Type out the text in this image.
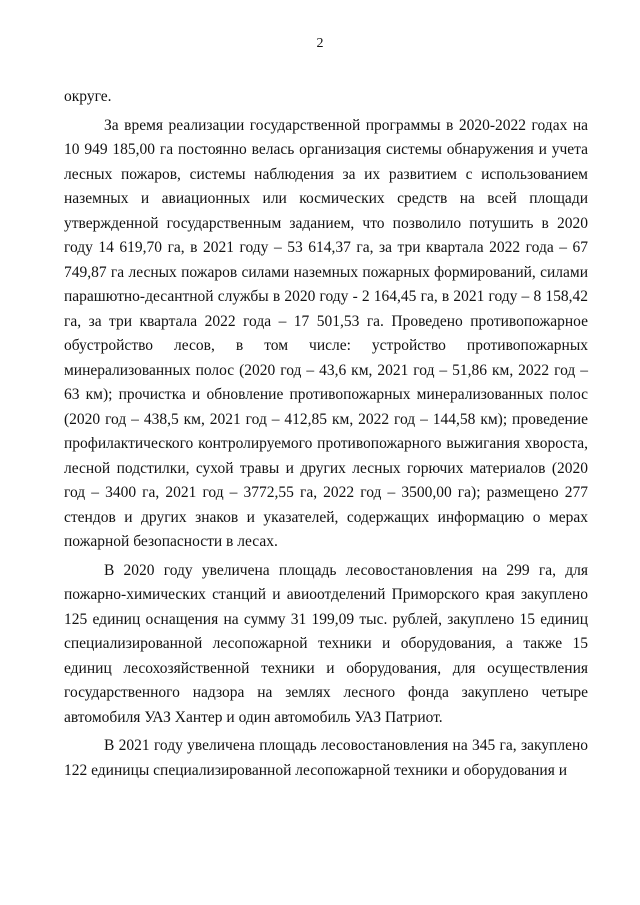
2

округе.

За время реализации государственной программы в 2020-2022 годах на 10 949 185,00 га постоянно велась организация системы обнаружения и учета лесных пожаров, системы наблюдения за их развитием с использованием наземных и авиационных или космических средств на всей площади утвержденной государственным заданием, что позволило потушить в 2020 году 14 619,70 га, в 2021 году – 53 614,37 га, за три квартала 2022 года – 67 749,87 га лесных пожаров силами наземных пожарных формирований, силами парашютно-десантной службы в 2020 году - 2 164,45 га, в 2021 году – 8 158,42 га, за три квартала 2022 года – 17 501,53 га. Проведено противопожарное обустройство лесов, в том числе: устройство противопожарных минерализованных полос (2020 год – 43,6 км, 2021 год – 51,86 км, 2022 год – 63 км); прочистка и обновление противопожарных минерализованных полос (2020 год – 438,5 км, 2021 год – 412,85 км, 2022 год – 144,58 км); проведение профилактического контролируемого противопожарного выжигания хвороста, лесной подстилки, сухой травы и других лесных горючих материалов (2020 год – 3400 га, 2021 год – 3772,55 га, 2022 год – 3500,00 га); размещено 277 стендов и других знаков и указателей, содержащих информацию о мерах пожарной безопасности в лесах.

В 2020 году увеличена площадь лесовостановления на 299 га, для пожарно-химических станций и авиоотделений Приморского края закуплено 125 единиц оснащения на сумму 31 199,09 тыс. рублей, закуплено 15 единиц специализированной лесопожарной техники и оборудования, а также 15 единиц лесохозяйственной техники и оборудования, для осуществления государственного надзора на землях лесного фонда закуплено четыре автомобиля УАЗ Хантер и один автомобиль УАЗ Патриот.

В 2021 году увеличена площадь лесовостановления на 345 га, закуплено 122 единицы специализированной лесопожарной техники и оборудования и
